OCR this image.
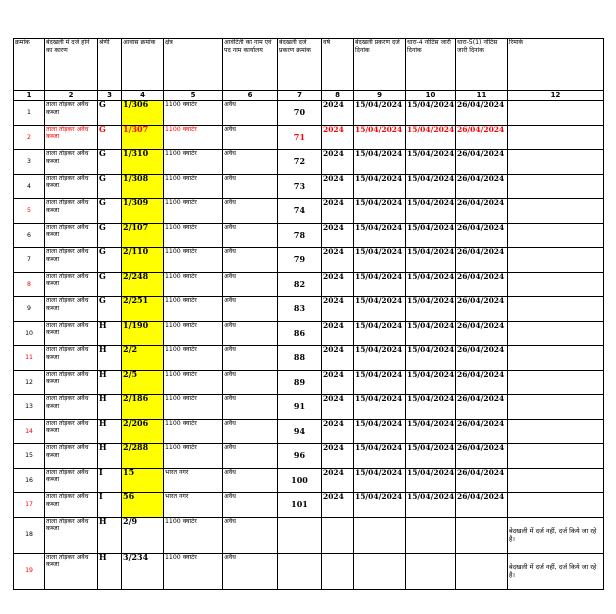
क्रमांक	बेदखली में दर्ज होने का कारण	श्रेणी	आवास क्रमांक	क्षेत्र	आवंटिती का नाम एवं पद नाम कार्यालय	बेदखली दर्ज प्रकरण क्रमांक	वर्ष	बेदखली प्रकरण दर्ज दिनांक	धारा-4 नोटिस जारी दिनांक	धारा-5(1) नोटिस जारी दिनांक	रिमार्क
1	2	3	4	5	6	7	8	9	10	11	12
1	ताला तोड़कर अवैध कब्जा	G	1/306	1100 क्वार्टर	अवैध	70	2024	15/04/2024	15/04/2024	26/04/2024	
2	ताला तोड़कर अवैध कब्जा	G	1/307	1100 क्वार्टर	अवैध	71	2024	15/04/2024	15/04/2024	26/04/2024	
3	ताला तोड़कर अवैध कब्जा	G	1/310	1100 क्वार्टर	अवैध	72	2024	15/04/2024	15/04/2024	26/04/2024	
4	ताला तोड़कर अवैध कब्जा	G	1/308	1100 क्वार्टर	अवैध	73	2024	15/04/2024	15/04/2024	26/04/2024	
5	ताला तोड़कर अवैध कब्जा	G	1/309	1100 क्वार्टर	अवैध	74	2024	15/04/2024	15/04/2024	26/04/2024	
6	ताला तोड़कर अवैध कब्जा	G	2/107	1100 क्वार्टर	अवैध	78	2024	15/04/2024	15/04/2024	26/04/2024	
7	ताला तोड़कर अवैध कब्जा	G	2/110	1100 क्वार्टर	अवैध	79	2024	15/04/2024	15/04/2024	26/04/2024	
8	ताला तोड़कर अवैध कब्जा	G	2/248	1100 क्वार्टर	अवैध	82	2024	15/04/2024	15/04/2024	26/04/2024	
9	ताला तोड़कर अवैध कब्जा	G	2/251	1100 क्वार्टर	अवैध	83	2024	15/04/2024	15/04/2024	26/04/2024	
10	ताला तोड़कर अवैध कब्जा	H	1/190	1100 क्वार्टर	अवैध	86	2024	15/04/2024	15/04/2024	26/04/2024	
11	ताला तोड़कर अवैध कब्जा	H	2/2	1100 क्वार्टर	अवैध	88	2024	15/04/2024	15/04/2024	26/04/2024	
12	ताला तोड़कर अवैध कब्जा	H	2/5	1100 क्वार्टर	अवैध	89	2024	15/04/2024	15/04/2024	26/04/2024	
13	ताला तोड़कर अवैध कब्जा	H	2/186	1100 क्वार्टर	अवैध	91	2024	15/04/2024	15/04/2024	26/04/2024	
14	ताला तोड़कर अवैध कब्जा	H	2/206	1100 क्वार्टर	अवैध	94	2024	15/04/2024	15/04/2024	26/04/2024	
15	ताला तोड़कर अवैध कब्जा	H	2/288	1100 क्वार्टर	अवैध	96	2024	15/04/2024	15/04/2024	26/04/2024	
16	ताला तोड़कर अवैध कब्जा	I	15	भारत नगर	अवैध	100	2024	15/04/2024	15/04/2024	26/04/2024	
17	ताला तोड़कर अवैध कब्जा	I	56	भारत नगर	अवैध	101	2024	15/04/2024	15/04/2024	26/04/2024	
18	ताला तोड़कर अवैध कब्जा	H	2/9	1100 क्वार्टर	अवैध						बेदखली में दर्ज नहीं, दर्ज किये जा रहे है।
19	ताला तोड़कर अवैध कब्जा	H	3/234	1100 क्वार्टर	अवैध						बेदखली में दर्ज नहीं, दर्ज किये जा रहे है।
